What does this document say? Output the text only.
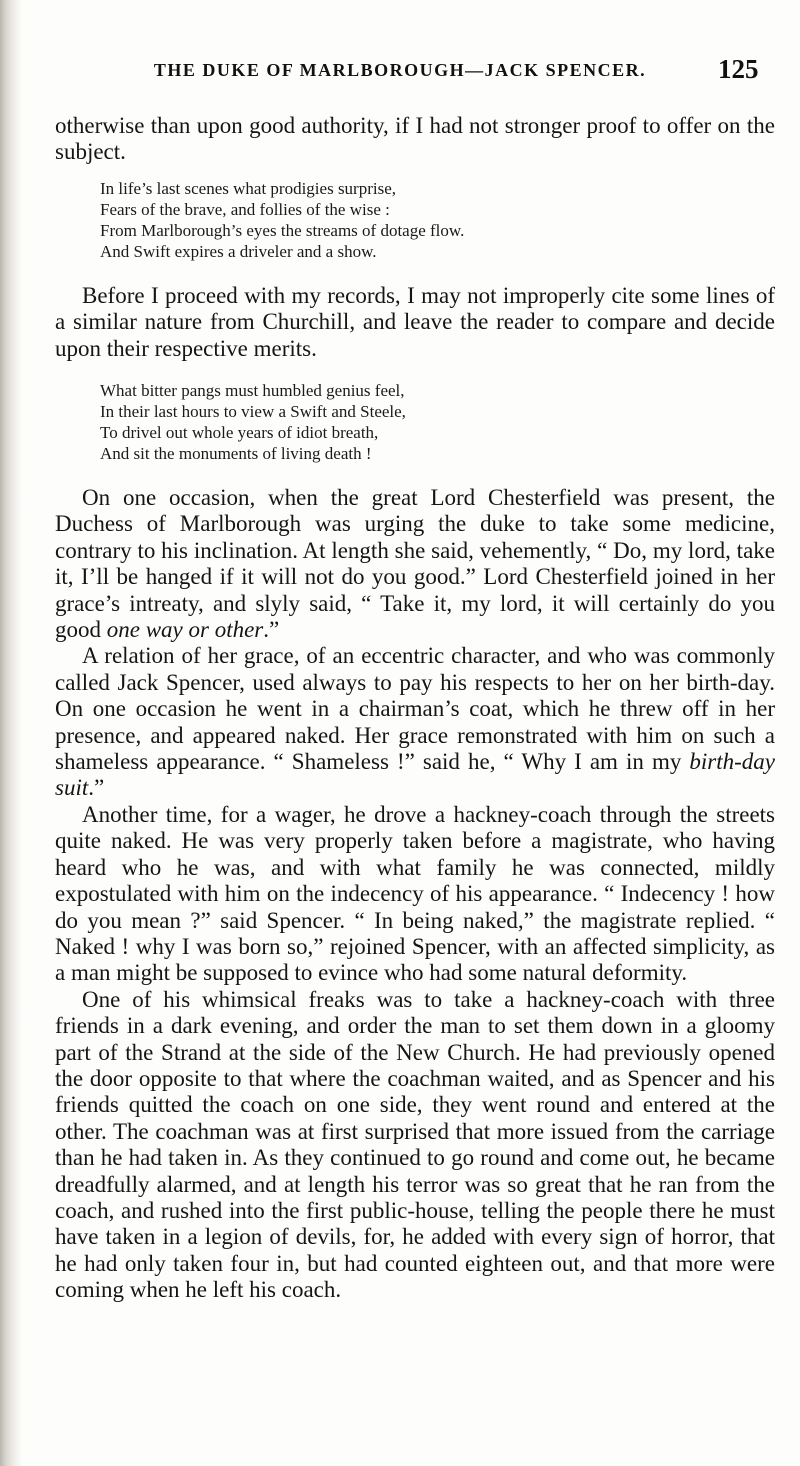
THE DUKE OF MARLBOROUGH—JACK SPENCER.	125

otherwise than upon good authority, if I had not stronger proof to offer on the subject.

In life’s last scenes what prodigies surprise,
Fears of the brave, and follies of the wise :
From Marlborough’s eyes the streams of dotage flow.
And Swift expires a driveler and a show.

Before I proceed with my records, I may not improperly cite some lines of a similar nature from Churchill, and leave the reader to compare and decide upon their respective merits.

What bitter pangs must humbled genius feel,
In their last hours to view a Swift and Steele,
To drivel out whole years of idiot breath,
And sit the monuments of living death !

On one occasion, when the great Lord Chesterfield was present, the Duchess of Marlborough was urging the duke to take some medicine, contrary to his inclination. At length she said, vehemently, “ Do, my lord, take it, I’ll be hanged if it will not do you good.” Lord Chesterfield joined in her grace’s intreaty, and slyly said, “ Take it, my lord, it will certainly do you good one way or other.”

A relation of her grace, of an eccentric character, and who was commonly called Jack Spencer, used always to pay his respects to her on her birth-day. On one occasion he went in a chairman’s coat, which he threw off in her presence, and appeared naked. Her grace remonstrated with him on such a shameless appearance. “ Shameless !” said he, “ Why I am in my birth-day suit.”

Another time, for a wager, he drove a hackney-coach through the streets quite naked. He was very properly taken before a magistrate, who having heard who he was, and with what family he was connected, mildly expostulated with him on the indecency of his appearance. “ Indecency ! how do you mean ?” said Spencer. “ In being naked,” the magistrate replied. “ Naked ! why I was born so,” rejoined Spencer, with an affected simplicity, as a man might be supposed to evince who had some natural deformity.

One of his whimsical freaks was to take a hackney-coach with three friends in a dark evening, and order the man to set them down in a gloomy part of the Strand at the side of the New Church. He had previously opened the door opposite to that where the coachman waited, and as Spencer and his friends quitted the coach on one side, they went round and entered at the other. The coachman was at first surprised that more issued from the carriage than he had taken in. As they continued to go round and come out, he became dreadfully alarmed, and at length his terror was so great that he ran from the coach, and rushed into the first public-house, telling the people there he must have taken in a legion of devils, for, he added with every sign of horror, that he had only taken four in, but had counted eighteen out, and that more were coming when he left his coach.
